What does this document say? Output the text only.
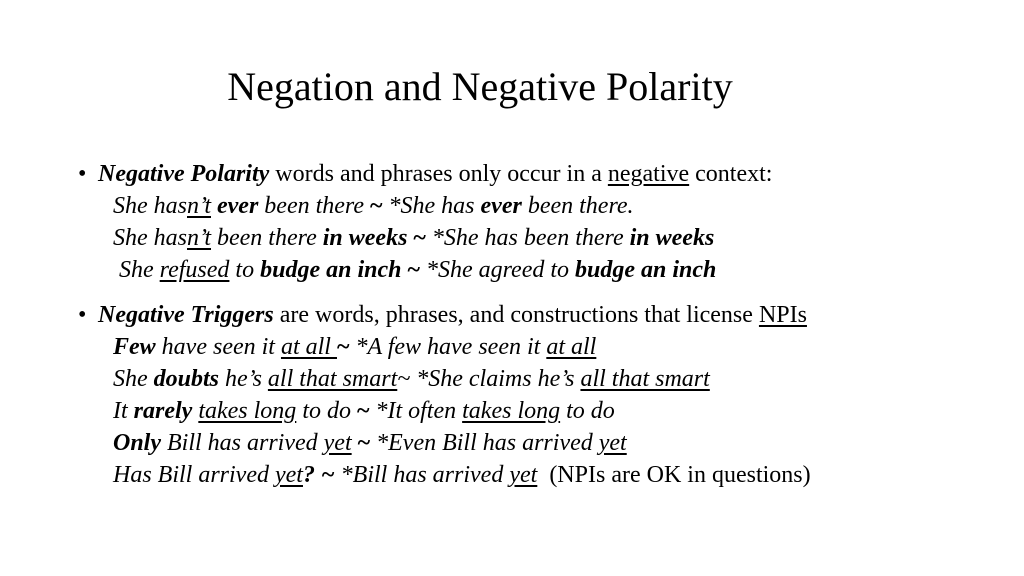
Negation and Negative Polarity
• Negative Polarity words and phrases only occur in a negative context:
She hasn’t ever been there ~ *She has ever been there.
She hasn’t been there in weeks ~ *She has been there in weeks
She refused to budge an inch ~ *She agreed to budge an inch
• Negative Triggers are words, phrases, and constructions that license NPIs
Few have seen it at all ~ *A few have seen it at all
She doubts he’s all that smart~ *She claims he’s all that smart
It rarely takes long to do ~ *It often takes long to do
Only Bill has arrived yet ~ *Even Bill has arrived yet
Has Bill arrived yet? ~ *Bill has arrived yet  (NPIs are OK in questions)
